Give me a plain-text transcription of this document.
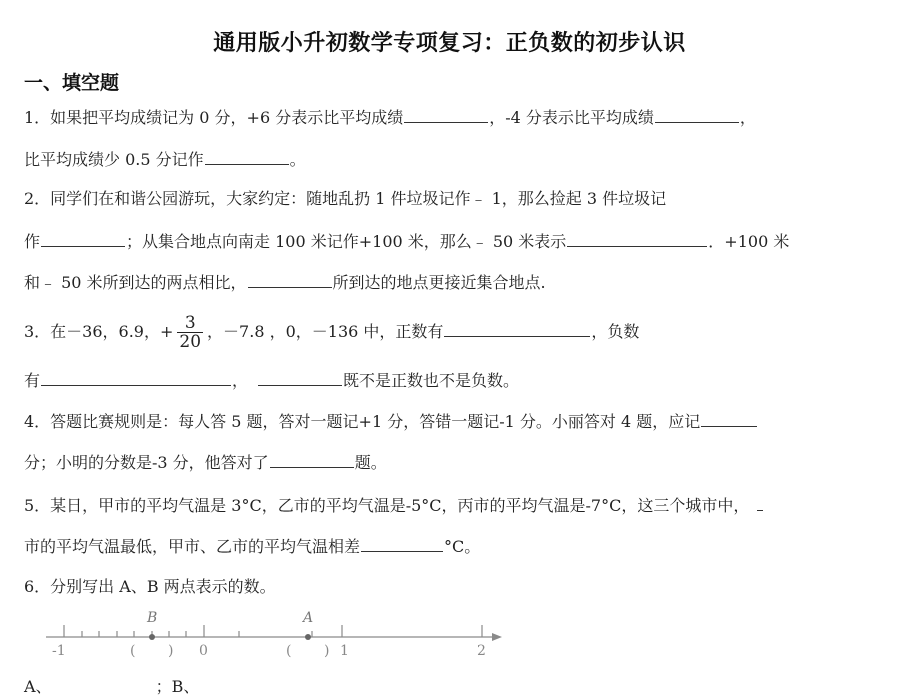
通用版小升初数学专项复习：正负数的初步认识
一、填空题
1．如果把平均成绩记为 0 分，+6 分表示比平均成绩	，-4 分表示比平均成绩	，
比平均成绩少 0.5 分记作	。
2．同学们在和谐公园游玩，大家约定：随地乱扔 1 件垃圾记作﹣ 1，那么捡起 3 件垃圾记
作	；从集合地点向南走 100 米记作+100 米，那么﹣ 50 米表示	．+100 米
和﹣ 50 米所到达的两点相比，	所到达的地点更接近集合地点.
3．在－36，6.9，+ $\frac{3}{20}$ ，－7.8 ，0，－136 中，正数有	，负数
有	，	既不是正数也不是负数。
4．答题比赛规则是：每人答 5 题，答对一题记+1 分，答错一题记-1 分。小丽答对 4 题，应记
分；小明的分数是-3 分，他答对了	题。
5．某日，甲市的平均气温是 3°C，乙市的平均气温是-5°C，丙市的平均气温是-7°C，这三个城市中，
市的平均气温最低，甲市、乙市的平均气温相差	°C。
6．分别写出 A、B 两点表示的数。
B	A
-1	0	1	2
( )	( )
A、	；B、
